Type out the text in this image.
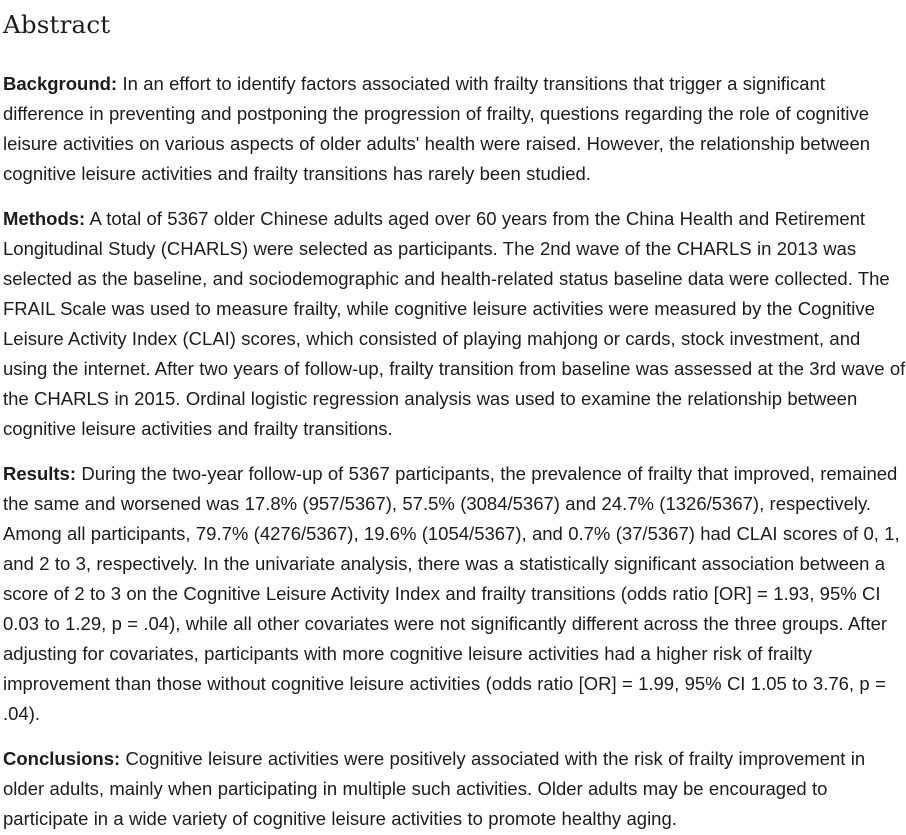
Abstract

Background: In an effort to identify factors associated with frailty transitions that trigger a significant difference in preventing and postponing the progression of frailty, questions regarding the role of cognitive leisure activities on various aspects of older adults' health were raised. However, the relationship between cognitive leisure activities and frailty transitions has rarely been studied.

Methods: A total of 5367 older Chinese adults aged over 60 years from the China Health and Retirement Longitudinal Study (CHARLS) were selected as participants. The 2nd wave of the CHARLS in 2013 was selected as the baseline, and sociodemographic and health-related status baseline data were collected. The FRAIL Scale was used to measure frailty, while cognitive leisure activities were measured by the Cognitive Leisure Activity Index (CLAI) scores, which consisted of playing mahjong or cards, stock investment, and using the internet. After two years of follow-up, frailty transition from baseline was assessed at the 3rd wave of the CHARLS in 2015. Ordinal logistic regression analysis was used to examine the relationship between cognitive leisure activities and frailty transitions.

Results: During the two-year follow-up of 5367 participants, the prevalence of frailty that improved, remained the same and worsened was 17.8% (957/5367), 57.5% (3084/5367) and 24.7% (1326/5367), respectively. Among all participants, 79.7% (4276/5367), 19.6% (1054/5367), and 0.7% (37/5367) had CLAI scores of 0, 1, and 2 to 3, respectively. In the univariate analysis, there was a statistically significant association between a score of 2 to 3 on the Cognitive Leisure Activity Index and frailty transitions (odds ratio [OR] = 1.93, 95% CI 0.03 to 1.29, p = .04), while all other covariates were not significantly different across the three groups. After adjusting for covariates, participants with more cognitive leisure activities had a higher risk of frailty improvement than those without cognitive leisure activities (odds ratio [OR] = 1.99, 95% CI 1.05 to 3.76, p = .04).

Conclusions: Cognitive leisure activities were positively associated with the risk of frailty improvement in older adults, mainly when participating in multiple such activities. Older adults may be encouraged to participate in a wide variety of cognitive leisure activities to promote healthy aging.
